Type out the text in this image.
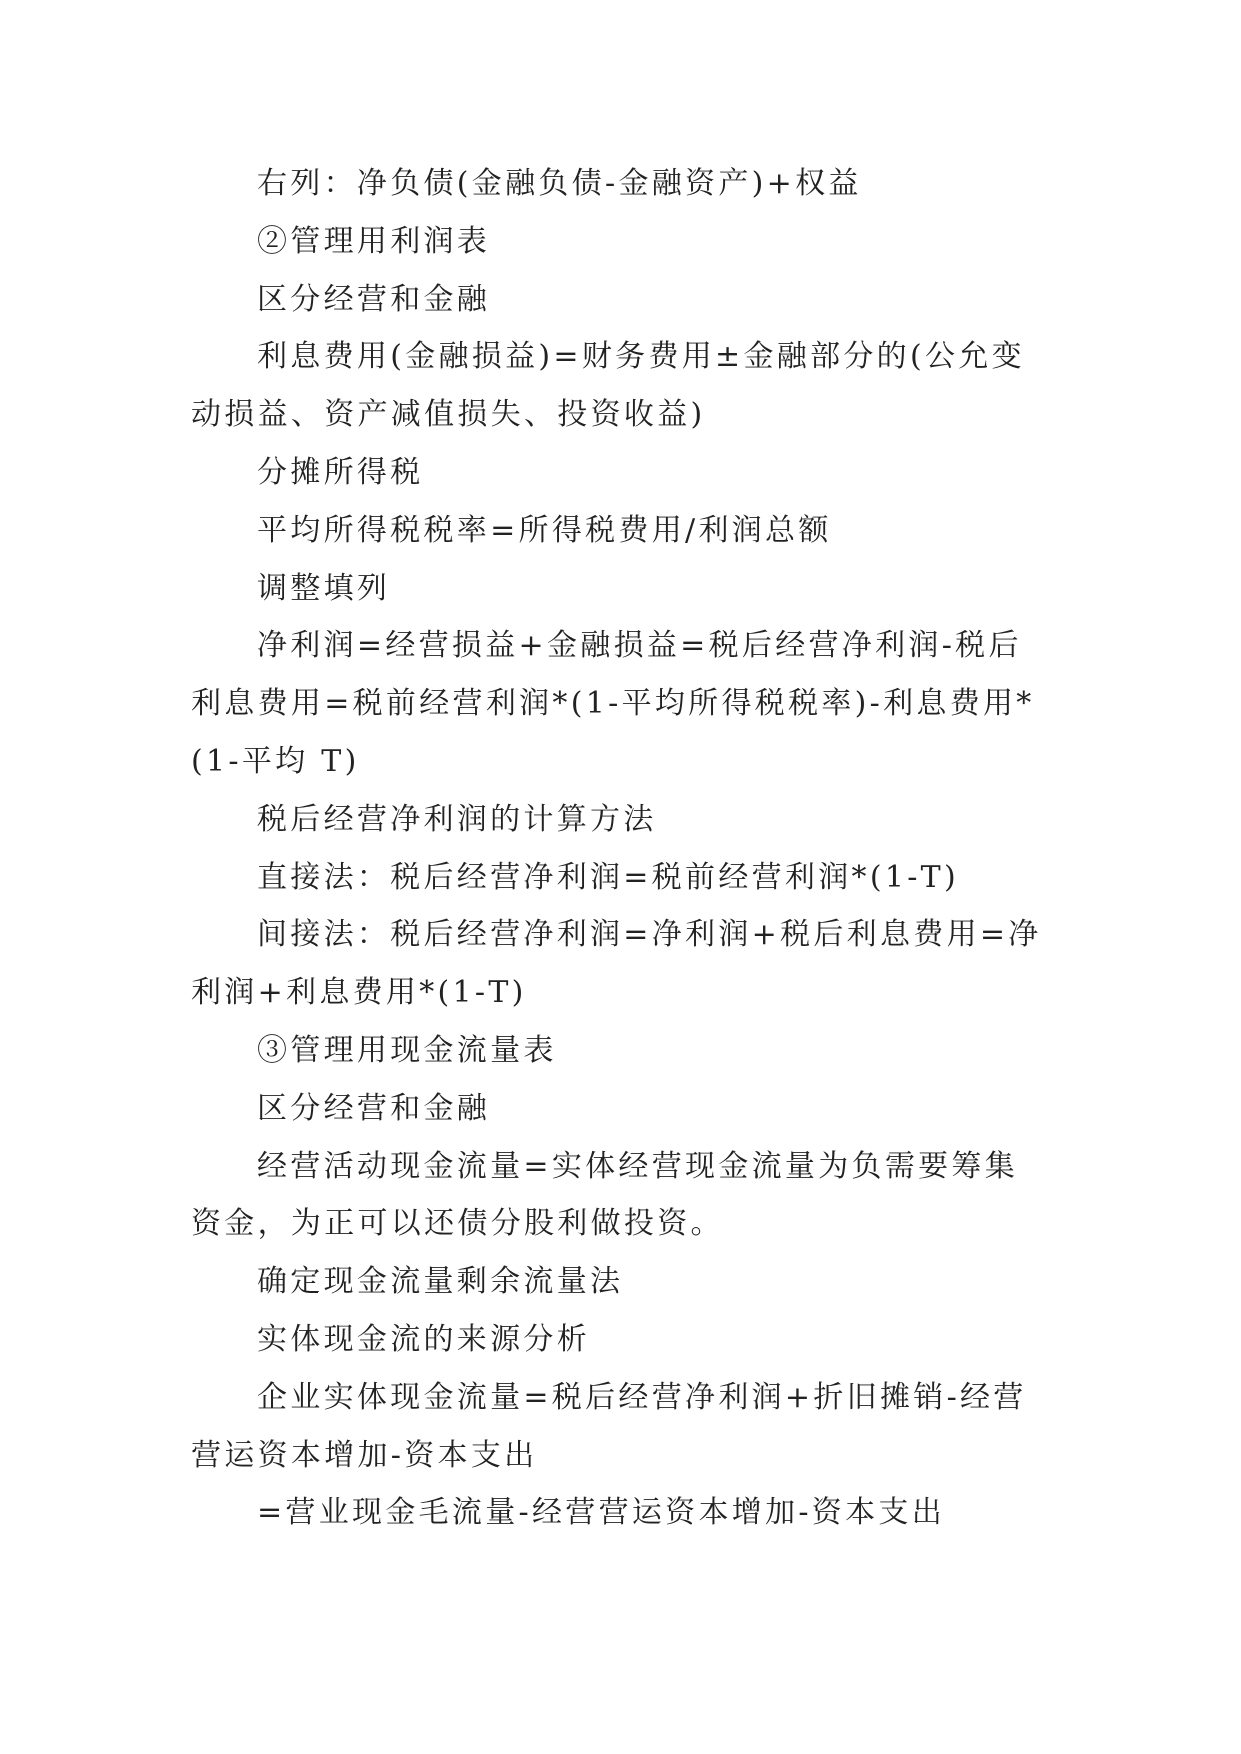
右列：净负债(金融负债-金融资产)+权益

②管理用利润表

区分经营和金融

利息费用(金融损益)=财务费用±金融部分的(公允变动损益、资产减值损失、投资收益)

分摊所得税

平均所得税税率=所得税费用/利润总额

调整填列

净利润=经营损益+金融损益=税后经营净利润-税后利息费用=税前经营利润*(1-平均所得税税率)-利息费用*(1-平均 T)

税后经营净利润的计算方法

直接法：税后经营净利润=税前经营利润*(1-T)

间接法：税后经营净利润=净利润+税后利息费用=净利润+利息费用*(1-T)

③管理用现金流量表

区分经营和金融

经营活动现金流量=实体经营现金流量为负需要筹集资金，为正可以还债分股利做投资。

确定现金流量剩余流量法

实体现金流的来源分析

企业实体现金流量=税后经营净利润+折旧摊销-经营营运资本增加-资本支出

=营业现金毛流量-经营营运资本增加-资本支出
